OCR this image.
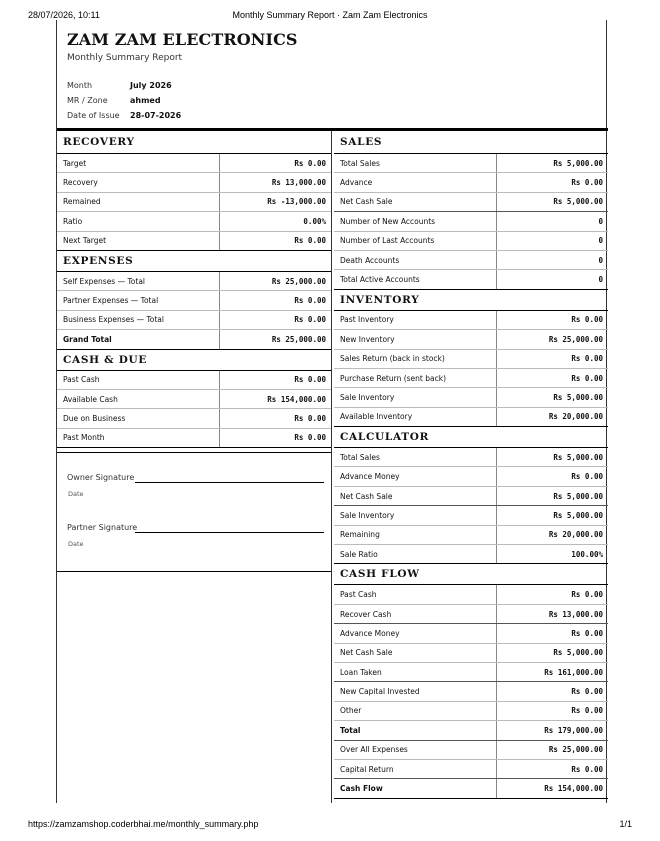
28/07/2026, 10:11	Monthly Summary Report · Zam Zam Electronics
ZAM ZAM ELECTRONICS
Monthly Summary Report
Month	July 2026
MR / Zone	ahmed
Date of Issue	28-07-2026
RECOVERY
Target	Rs 0.00
Recovery	Rs 13,000.00
Remained	Rs -13,000.00
Ratio	0.00%
Next Target	Rs 0.00
EXPENSES
Self Expenses — Total	Rs 25,000.00
Partner Expenses — Total	Rs 0.00
Business Expenses — Total	Rs 0.00
Grand Total	Rs 25,000.00
CASH & DUE
Past Cash	Rs 0.00
Available Cash	Rs 154,000.00
Due on Business	Rs 0.00
Past Month	Rs 0.00
Owner Signature
Date
Partner Signature
Date
SALES
Total Sales	Rs 5,000.00
Advance	Rs 0.00
Net Cash Sale	Rs 5,000.00
Number of New Accounts	0
Number of Last Accounts	0
Death Accounts	0
Total Active Accounts	0
INVENTORY
Past Inventory	Rs 0.00
New Inventory	Rs 25,000.00
Sales Return (back in stock)	Rs 0.00
Purchase Return (sent back)	Rs 0.00
Sale Inventory	Rs 5,000.00
Available Inventory	Rs 20,000.00
CALCULATOR
Total Sales	Rs 5,000.00
Advance Money	Rs 0.00
Net Cash Sale	Rs 5,000.00
Sale Inventory	Rs 5,000.00
Remaining	Rs 20,000.00
Sale Ratio	100.00%
CASH FLOW
Past Cash	Rs 0.00
Recover Cash	Rs 13,000.00
Advance Money	Rs 0.00
Net Cash Sale	Rs 5,000.00
Loan Taken	Rs 161,000.00
New Capital Invested	Rs 0.00
Other	Rs 0.00
Total	Rs 179,000.00
Over All Expenses	Rs 25,000.00
Capital Return	Rs 0.00
Cash Flow	Rs 154,000.00
https://zamzamshop.coderbhai.me/monthly_summary.php	1/1
